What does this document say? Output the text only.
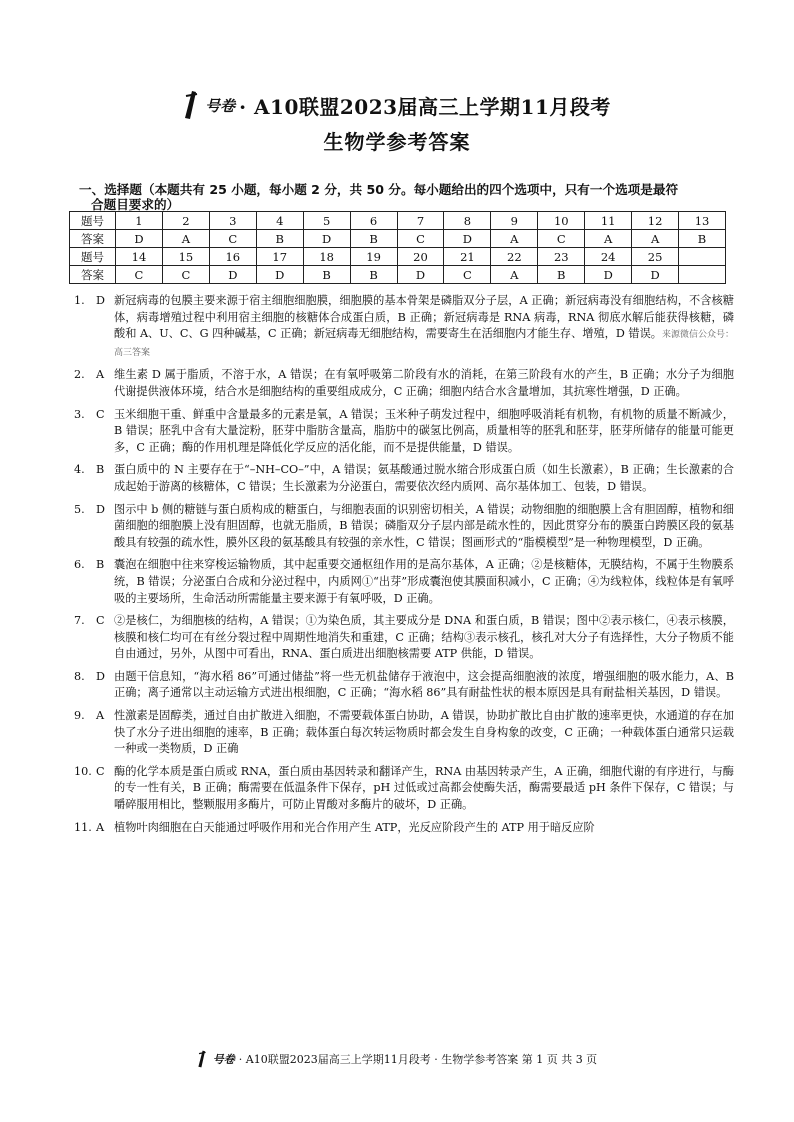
号卷 · A10联盟2023届高三上学期11月段考
生物学参考答案
一、选择题（本题共有 25 小题，每小题 2 分，共 50 分。每小题给出的四个选项中，只有一个选项是最符
合题目要求的）
题号	1	2	3	4	5	6	7	8	9	10	11	12	13
答案	D	A	C	B	D	B	C	D	A	C	A	A	B
题号	14	15	16	17	18	19	20	21	22	23	24	25	
答案	C	C	D	D	B	B	D	C	A	B	D	D	
1.	D 新冠病毒的包膜主要来源于宿主细胞细胞膜，细胞膜的基本骨架是磷脂双分子层，A 正确；新冠病毒没有细胞结构，不含核糖体，病毒增殖过程中利用宿主细胞的核糖体合成蛋白质，B 正确；新冠病毒是 RNA 病毒，RNA 彻底水解后能获得核糖，磷酸和 A、U、C、G 四种碱基，C 正确；新冠病毒无细胞结构，需要寄生在活细胞内才能生存、增殖，D 错误。来源微信公众号：高三答案
2.	A 维生素 D 属于脂质，不溶于水，A 错误；在有氧呼吸第二阶段有水的消耗，在第三阶段有水的产生，B 正确；水分子为细胞代谢提供液体环境，结合水是细胞结构的重要组成成分，C 正确；细胞内结合水含量增加，其抗寒性增强，D 正确。
3.	C 玉米细胞干重、鲜重中含量最多的元素是氧，A 错误；玉米种子萌发过程中，细胞呼吸消耗有机物，有机物的质量不断减少，B 错误；胚乳中含有大量淀粉，胚芽中脂肪含量高，脂肪中的碳氢比例高，质量相等的胚乳和胚芽，胚芽所储存的能量可能更多，C 正确；酶的作用机理是降低化学反应的活化能，而不是提供能量，D 错误。
4.	B 蛋白质中的 N 主要存在于“–NH–CO–”中，A 错误；氨基酸通过脱水缩合形成蛋白质（如生长激素），B 正确；生长激素的合成起始于游离的核糖体，C 错误；生长激素为分泌蛋白，需要依次经内质网、高尔基体加工、包装，D 错误。
5.	D 图示中 b 侧的糖链与蛋白质构成的糖蛋白，与细胞表面的识别密切相关，A 错误；动物细胞的细胞膜上含有胆固醇，植物和细菌细胞的细胞膜上没有胆固醇，也就无脂质，B 错误；磷脂双分子层内部是疏水性的，因此贯穿分布的膜蛋白跨膜区段的氨基酸具有较强的疏水性，膜外区段的氨基酸具有较强的亲水性，C 错误；图画形式的“脂模模型”是一种物理模型，D 正确。
6.	B 囊泡在细胞中往来穿梭运输物质，其中起重要交通枢纽作用的是高尔基体，A 正确；②是核糖体，无膜结构，不属于生物膜系统，B 错误；分泌蛋白合成和分泌过程中，内质网①“出芽”形成囊泡使其膜面积减小，C 正确；④为线粒体，线粒体是有氧呼吸的主要场所，生命活动所需能量主要来源于有氧呼吸，D 正确。
7.	C ②是核仁，为细胞核的结构，A 错误；①为染色质，其主要成分是 DNA 和蛋白质，B 错误；图中②表示核仁，④表示核膜，核膜和核仁均可在有丝分裂过程中周期性地消失和重建，C 正确；结构③表示核孔，核孔对大分子有选择性，大分子物质不能自由通过，另外，从图中可看出，RNA、蛋白质进出细胞核需要 ATP 供能，D 错误。
8.	D 由题干信息知，“海水稻 86”可通过储盐”将一些无机盐储存于液泡中，这会提高细胞液的浓度，增强细胞的吸水能力，A、B 正确；离子通常以主动运输方式进出根细胞，C 正确；“海水稻 86”具有耐盐性状的根本原因是具有耐盐相关基因，D 错误。
9.	A 性激素是固醇类，通过自由扩散进入细胞，不需要载体蛋白协助，A 错误，协助扩散比自由扩散的速率更快，水通道的存在加快了水分子进出细胞的速率，B 正确；载体蛋白每次转运物质时都会发生自身构象的改变，C 正确；一种载体蛋白通常只运载一种或一类物质，D 正确
10. C 酶的化学本质是蛋白质或 RNA，蛋白质由基因转录和翻译产生，RNA 由基因转录产生，A 正确，细胞代谢的有序进行，与酶的专一性有关，B 正确；酶需要在低温条件下保存，pH 过低或过高都会使酶失活，酶需要最适 pH 条件下保存，C 错误；与嚼碎服用相比，整颗服用多酶片，可防止胃酸对多酶片的破坏，D 正确。
11. A 植物叶肉细胞在白天能通过呼吸作用和光合作用产生 ATP，光反应阶段产生的 ATP 用于暗反应阶
号卷 · A10联盟2023届高三上学期11月段考 · 生物学参考答案 第 1 页 共 3 页
